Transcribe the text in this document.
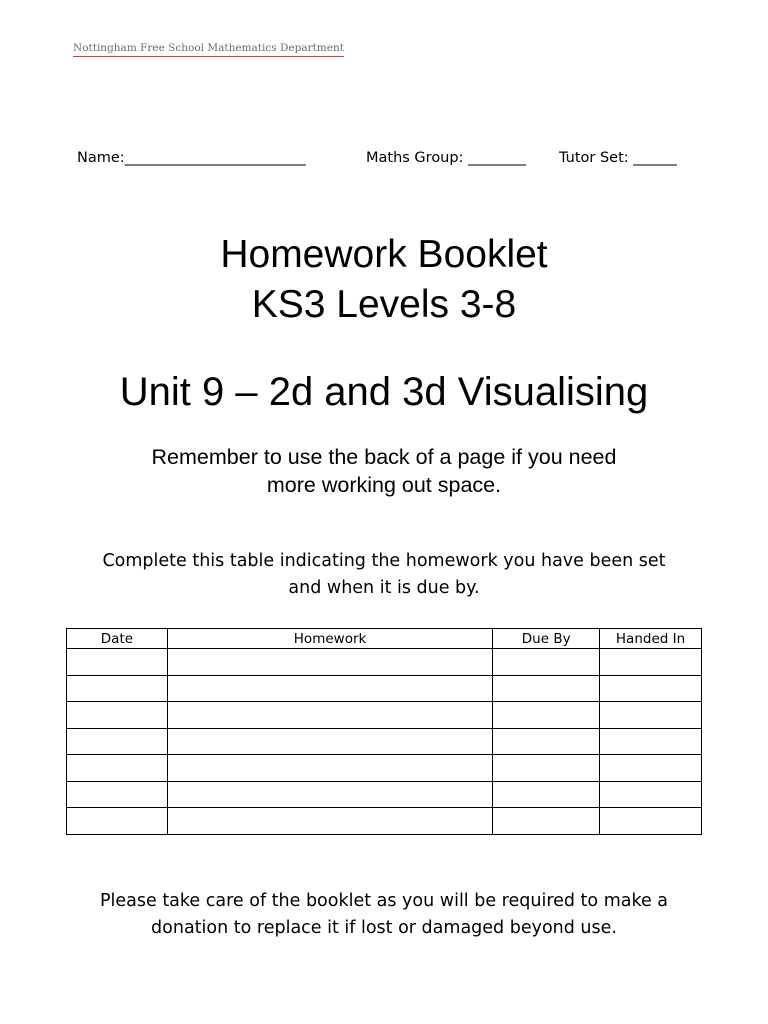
Nottingham Free School Mathematics Department
Name:_________________________	Maths Group: ________ Tutor Set: ______
Homework Booklet
KS3 Levels 3-8
Unit 9 – 2d and 3d Visualising
Remember to use the back of a page if you need
more working out space.
Complete this table indicating the homework you have been set
and when it is due by.
Date	Homework	Due By	Handed In

Please take care of the booklet as you will be required to make a
donation to replace it if lost or damaged beyond use.
